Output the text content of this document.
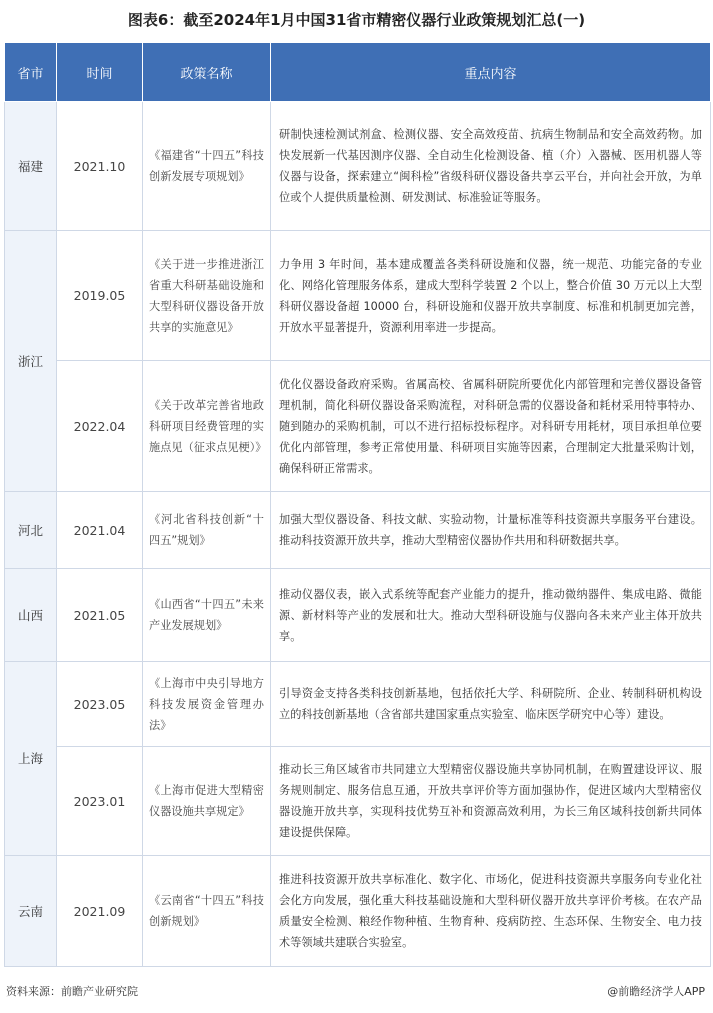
图表6：截至2024年1月中国31省市精密仪器行业政策规划汇总(一)
省市	时间	政策名称	重点内容
福建	2021.10	《福建省“十四五”科技创新发展专项规划》	研制快速检测试剂盒、检测仪器、安全高效疫苗、抗病生物制品和安全高效药物。加快发展新一代基因测序仪器、全自动生化检测设备、植（介）入器械、医用机器人等仪器与设备，探索建立“闽科检”省级科研仪器设备共享云平台，并向社会开放，为单位或个人提供质量检测、研发测试、标准验证等服务。
浙江	2019.05	《关于进一步推进浙江省重大科研基础设施和大型科研仪器设备开放共享的实施意见》	力争用 3 年时间，基本建成覆盖各类科研设施和仪器，统一规范、功能完备的专业化、网络化管理服务体系，建成大型科学装置 2 个以上，整合价值 30 万元以上大型科研仪器设备超 10000 台，科研设施和仪器开放共享制度、标准和机制更加完善，开放水平显著提升，资源利用率进一步提高。
	2022.04	《关于改革完善省地政科研项目经费管理的实施点见（征求点见梗）》	优化仪器设备政府采购。省属高校、省属科研院所要优化内部管理和完善仪器设备管理机制，简化科研仪器设备采购流程，对科研急需的仪器设备和耗材采用特事特办、随到随办的采购机制，可以不进行招标投标程序。对科研专用耗材，项目承担单位要优化内部管理，参考正常使用量、科研项目实施等因素，合理制定大批量采购计划，确保科研正常需求。
河北	2021.04	《河北省科技创新“十四五”规划》	加强大型仪器设备、科技文献、实验动物，计量标准等科技资源共享服务平台建设。推动科技资源开放共享，推动大型精密仪器协作共用和科研数据共享。
山西	2021.05	《山西省“十四五”未来产业发展规划》	推动仪器仪表，嵌入式系统等配套产业能力的提升，推动微纳器件、集成电路、微能源、新材料等产业的发展和壮大。推动大型科研设施与仪器向各未来产业主体开放共享。
上海	2023.05	《上海市中央引导地方科技发展资金管理办法》	引导资金支持各类科技创新基地，包括依托大学、科研院所、企业、转制科研机构设立的科技创新基地（含省部共建国家重点实验室、临床医学研究中心等）建设。
	2023.01	《上海市促进大型精密仪器设施共享规定》	推动长三角区域省市共同建立大型精密仪器设施共享协同机制，在购置建设评议、服务规则制定、服务信息互通，开放共享评价等方面加强协作，促进区域内大型精密仪器设施开放共享，实现科技优势互补和资源高效利用，为长三角区域科技创新共同体建设提供保障。
云南	2021.09	《云南省“十四五”科技创新规划》	推进科技资源开放共享标准化、数字化、市场化，促进科技资源共享服务向专业化社会化方向发展，强化重大科技基础设施和大型科研仪器开放共享评价考核。在农产品质量安全检测、粮经作物种植、生物育种、疫病防控、生态环保、生物安全、电力技术等领域共建联合实验室。
资料来源：前瞻产业研究院	@前瞻经济学人APP
